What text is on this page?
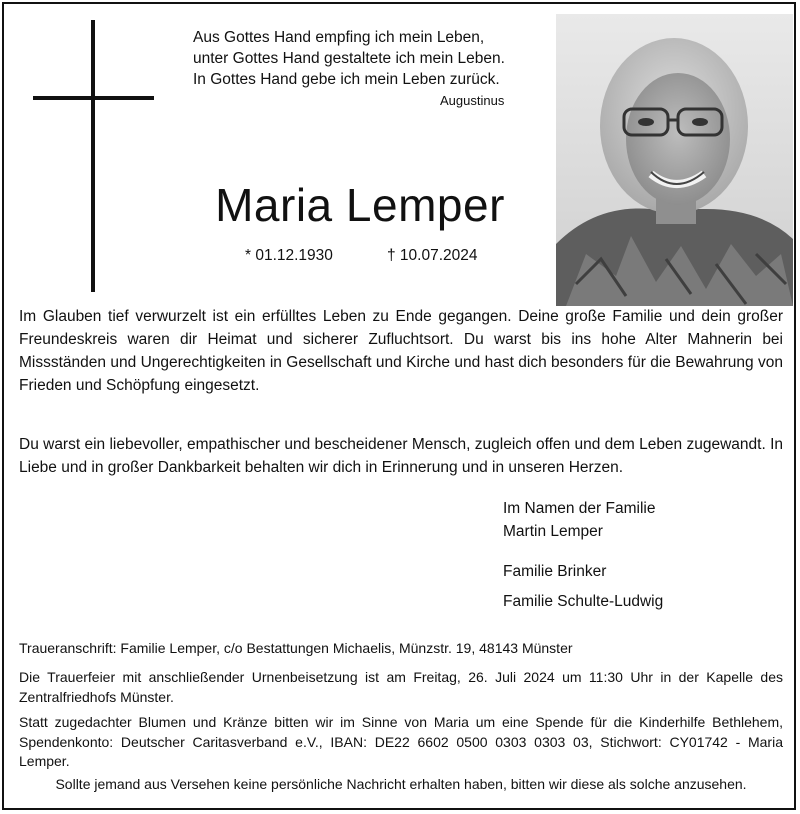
Aus Gottes Hand empfing ich mein Leben,
unter Gottes Hand gestaltete ich mein Leben.
In Gottes Hand gebe ich mein Leben zurück.
Augustinus
Maria Lemper
* 01.12.1930	† 10.07.2024
Im Glauben tief verwurzelt ist ein erfülltes Leben zu Ende gegangen. Deine große Familie und dein großer Freundeskreis waren dir Heimat und sicherer Zufluchtsort. Du warst bis ins hohe Alter Mahnerin bei Missständen und Ungerechtigkeiten in Gesellschaft und Kirche und hast dich besonders für die Bewahrung von Frieden und Schöpfung eingesetzt.
Du warst ein liebevoller, empathischer und bescheidener Mensch, zugleich offen und dem Leben zugewandt. In Liebe und in großer Dankbarkeit behalten wir dich in Erinnerung und in unseren Herzen.
Im Namen der Familie
Martin Lemper
Familie Brinker
Familie Schulte-Ludwig
Traueranschrift: Familie Lemper, c/o Bestattungen Michaelis, Münzstr. 19, 48143 Münster
Die Trauerfeier mit anschließender Urnenbeisetzung ist am Freitag, 26. Juli 2024 um 11:30 Uhr in der Kapelle des Zentralfriedhofs Münster.
Statt zugedachter Blumen und Kränze bitten wir im Sinne von Maria um eine Spende für die Kinderhilfe Bethlehem, Spendenkonto: Deutscher Caritasverband e.V., IBAN: DE22 6602 0500 0303 0303 03, Stichwort: CY01742 - Maria Lemper.
Sollte jemand aus Versehen keine persönliche Nachricht erhalten haben, bitten wir diese als solche anzusehen.
